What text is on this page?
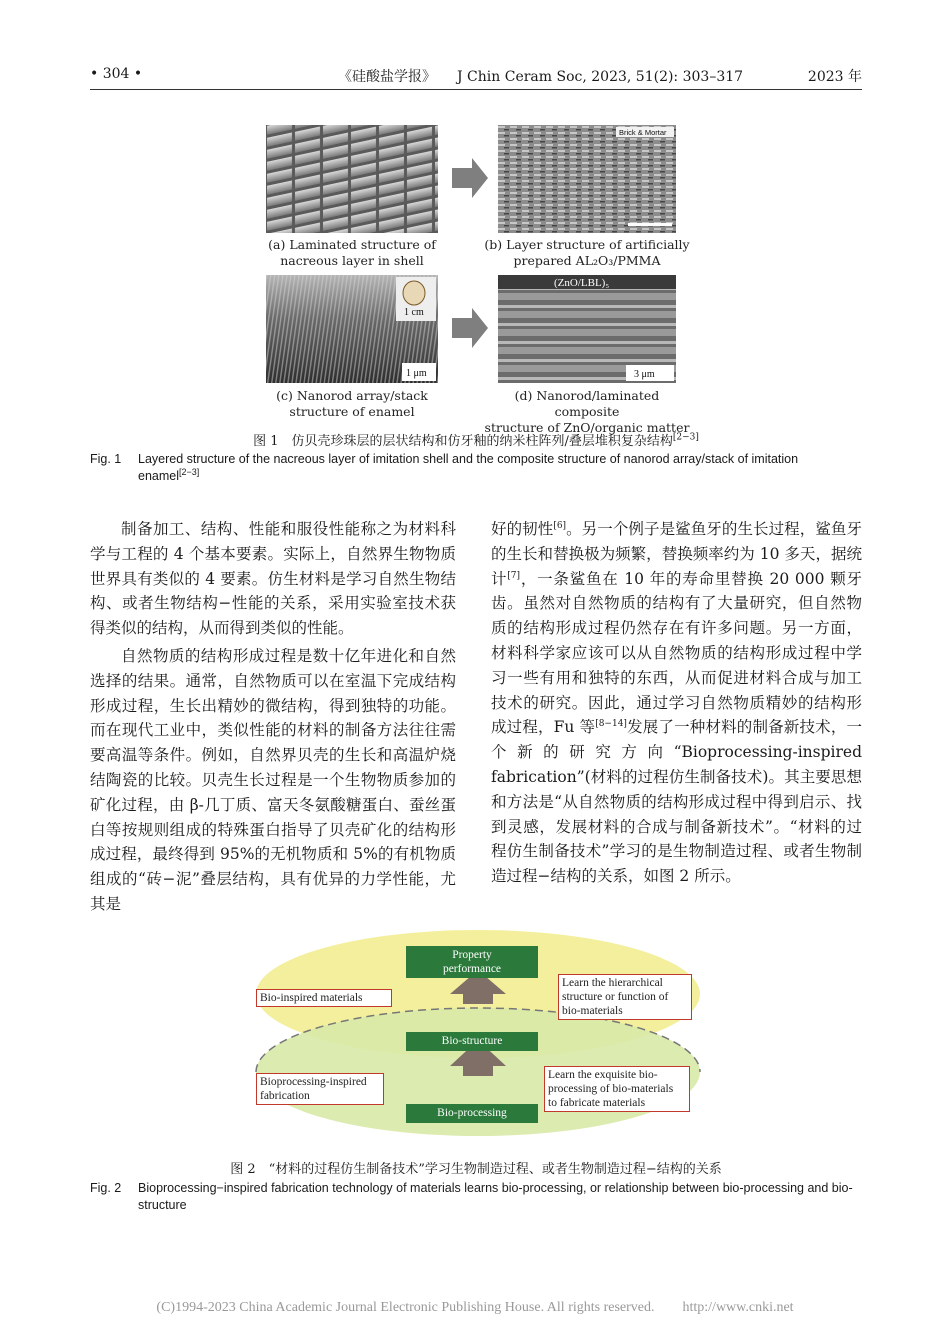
• 304 •	《硅酸盐学报》　　J Chin Ceram Soc, 2023, 51(2): 303–317	2023 年
Brick & Mortar
(a) Laminated structure of
nacreous layer in shell
(b) Layer structure of artificially
prepared AL₂O₃/PMMA
1 cm
1 μm
(ZnO/LBL)₅
3 μm
(c) Nanorod array/stack
structure of enamel
(d) Nanorod/laminated composite
structure of ZnO/organic matter
图 1　 仿贝壳珍珠层的层状结构和仿牙釉的纳米柱阵列/叠层堆积复杂结构[2−3]
Fig. 1 Layered structure of the nacreous layer of imitation shell and the composite structure of nanorod array/stack of imitation enamel[2−3]

制备加工、结构、性能和服役性能称之为材料科学与工程的 4 个基本要素。实际上，自然界生物物质世界具有类似的 4 要素。仿生材料是学习自然生物结构、或者生物结构−性能的关系，采用实验室技术获得类似的结构，从而得到类似的性能。

自然物质的结构形成过程是数十亿年进化和自然选择的结果。通常，自然物质可以在室温下完成结构形成过程，生长出精妙的微结构，得到独特的功能。而在现代工业中，类似性能的材料的制备方法往往需要高温等条件。例如，自然界贝壳的生长和高温炉烧结陶瓷的比较。贝壳生长过程是一个生物物质参加的矿化过程，由 β-几丁质、富天冬氨酸糖蛋白、蚕丝蛋白等按规则组成的特殊蛋白指导了贝壳矿化的结构形成过程，最终得到 95%的无机物质和 5%的有机物质组成的“砖−泥”叠层结构，具有优异的力学性能，尤其是

好的韧性[6]。另一个例子是鲨鱼牙的生长过程，鲨鱼牙的生长和替换极为频繁，替换频率约为 10 多天，据统计[7]，一条鲨鱼在 10 年的寿命里替换 20 000 颗牙齿。虽然对自然物质的结构有了大量研究，但自然物质的结构形成过程仍然存在有许多问题。另一方面，材料科学家应该可以从自然物质的结构形成过程中学习一些有用和独特的东西，从而促进材料合成与加工技术的研究。因此，通过学习自然物质精妙的结构形成过程，Fu 等[8−14]发展了一种材料的制备新技术，一个新的研究方向“Bioprocessing-inspired fabrication”(材料的过程仿生制备技术)。其主要思想和方法是“从自然物质的结构形成过程中得到启示、找到灵感，发展材料的合成与制备新技术”。“材料的过程仿生制备技术”学习的是生物制造过程、或者生物制造过程−结构的关系，如图 2 所示。

Property
performance
Bio-structure
Bio-processing
Bio-inspired materials
Bioprocessing-inspired
fabrication
Learn the hierarchical
structure or function of
bio-materials
Learn the exquisite bio-
processing of bio-materials
to fabricate materials
图 2　 “材料的过程仿生制备技术”学习生物制造过程、或者生物制造过程−结构的关系
Fig. 2 Bioprocessing−inspired fabrication technology of materials learns bio-processing, or relationship between bio-processing and bio-structure
(C)1994-2023 China Academic Journal Electronic Publishing House. All rights reserved.　　http://www.cnki.net
